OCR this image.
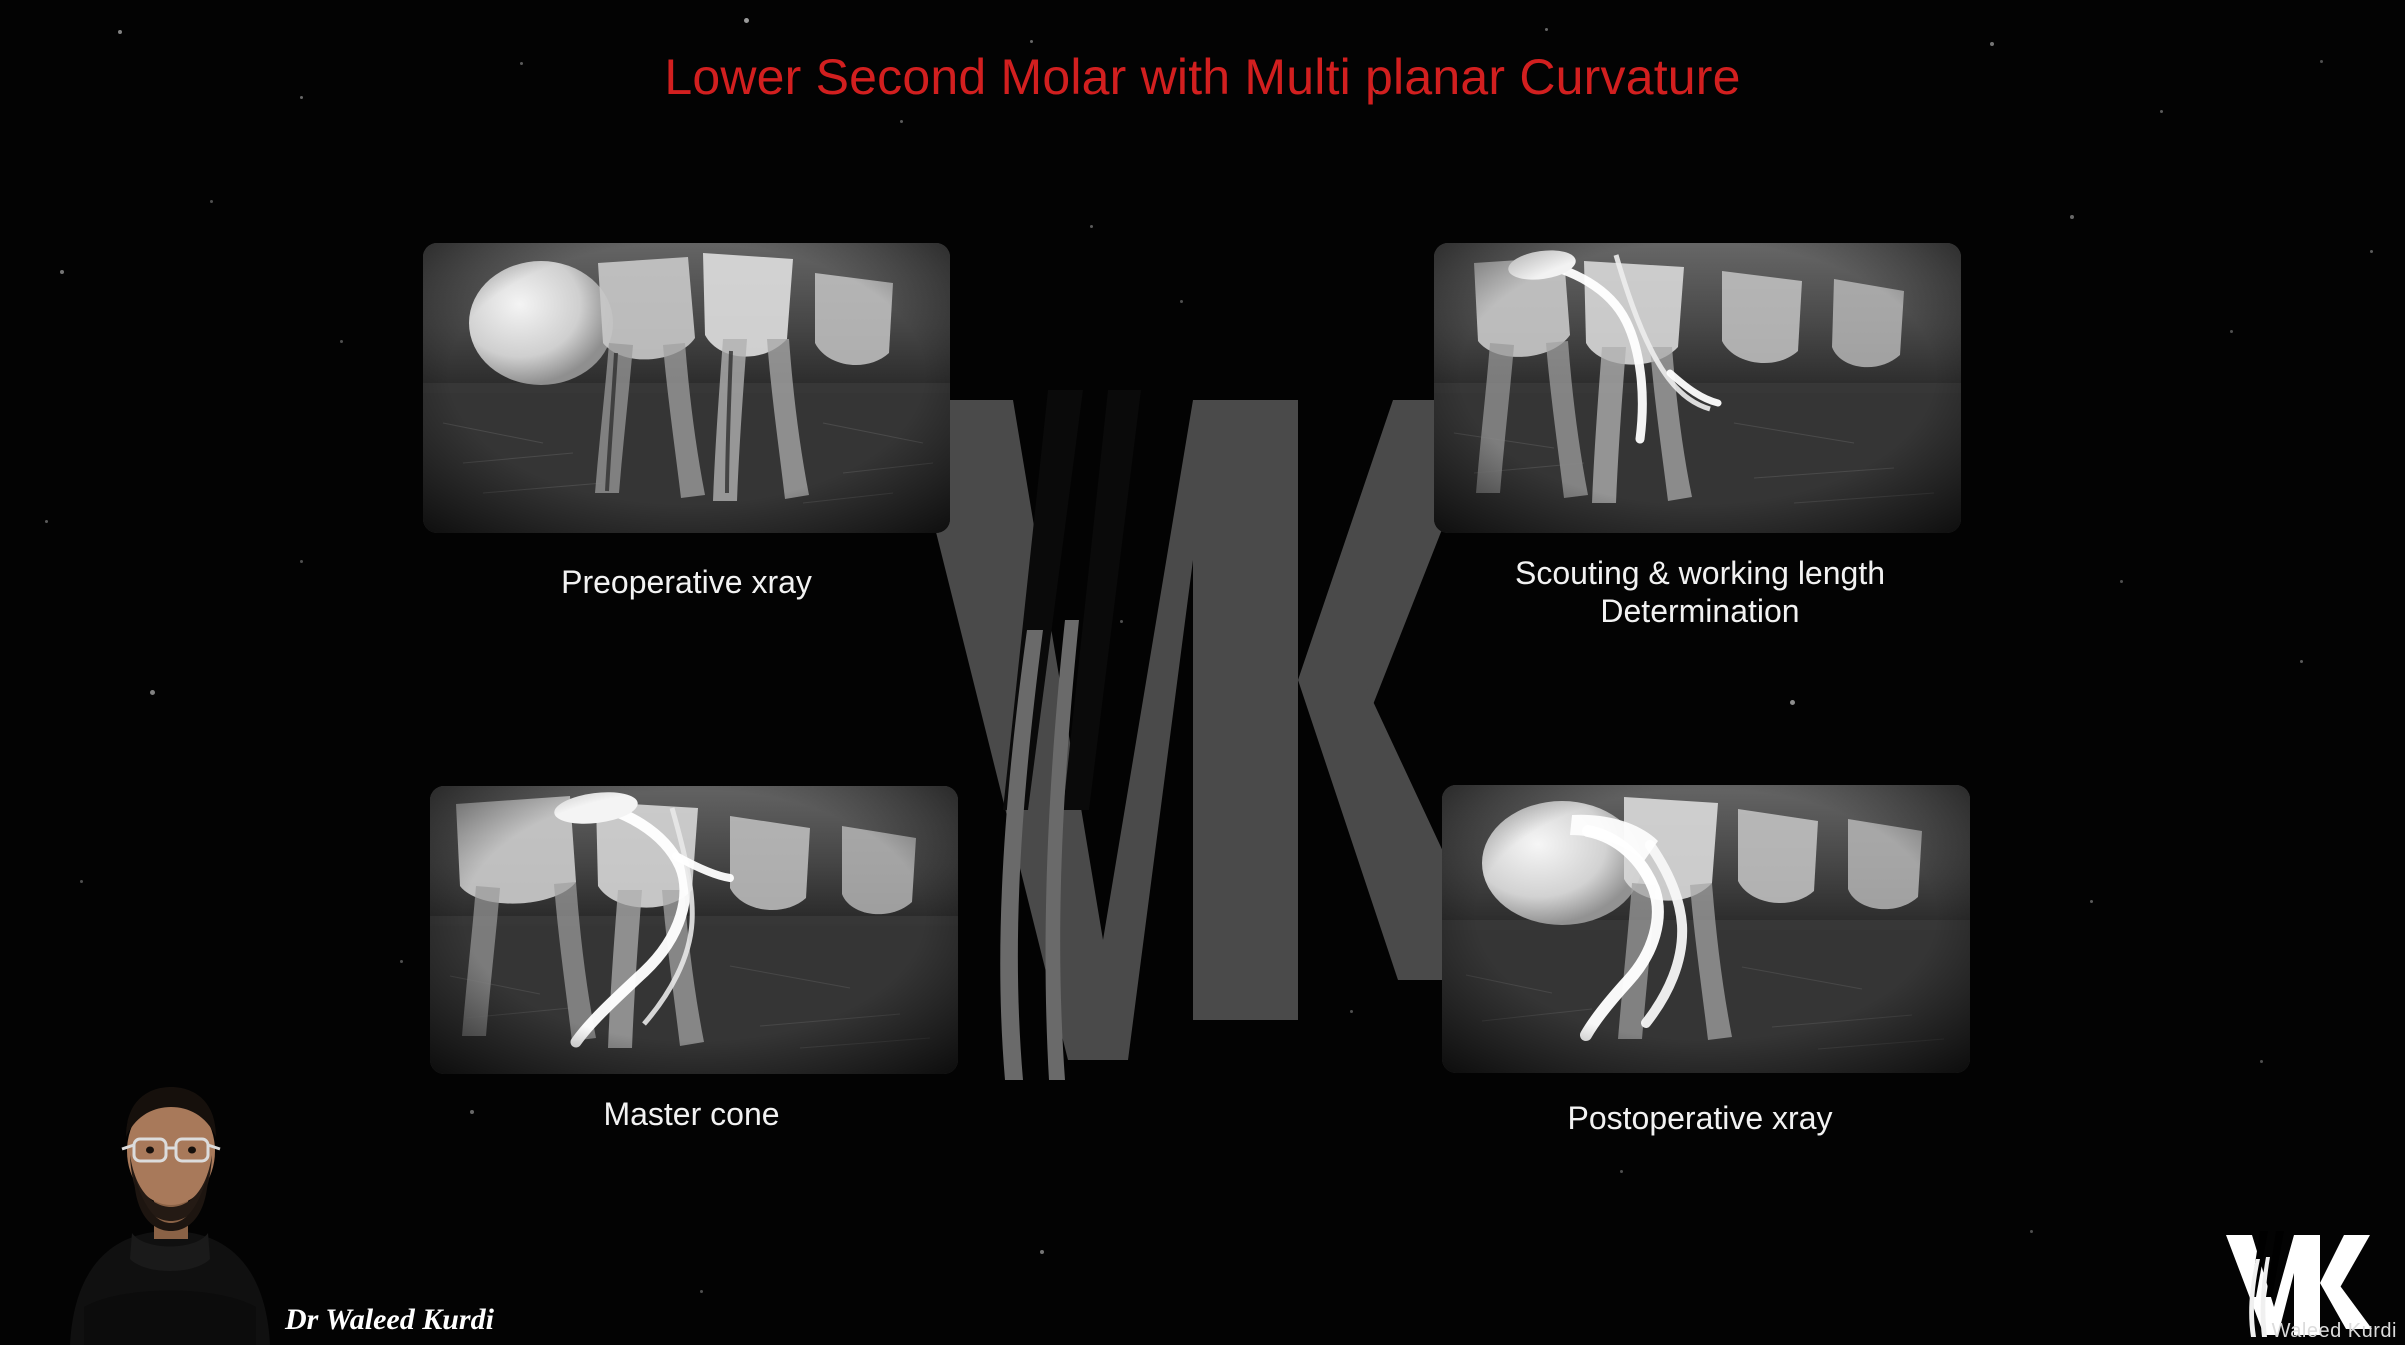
Lower Second Molar with Multi planar Curvature
Preoperative xray	Scouting & working length Determination
Master cone	Postoperative xray
Dr Waleed Kurdi	Waleed Kurdi
